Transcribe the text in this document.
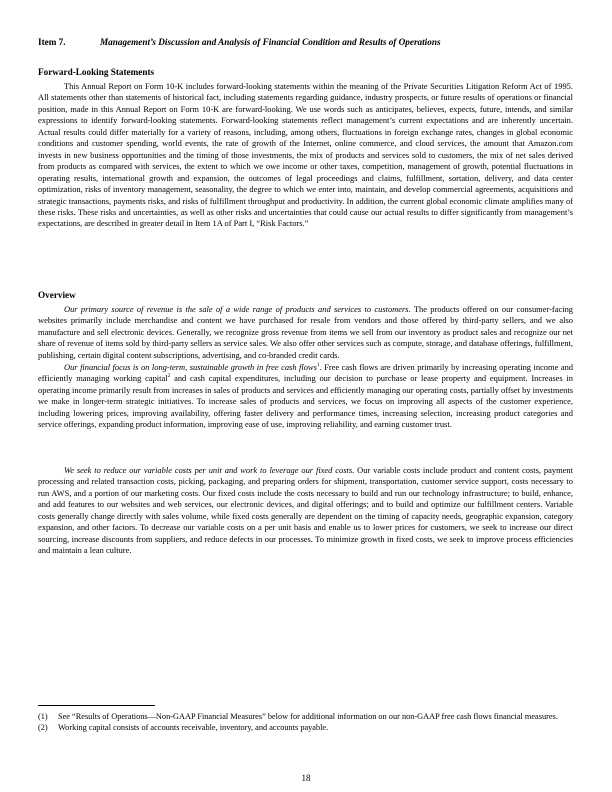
Item 7.	Management’s Discussion and Analysis of Financial Condition and Results of Operations
Forward-Looking Statements

This Annual Report on Form 10-K includes forward-looking statements within the meaning of the Private Securities Litigation Reform Act of 1995. All statements other than statements of historical fact, including statements regarding guidance, industry prospects, or future results of operations or financial position, made in this Annual Report on Form 10-K are forward-looking. We use words such as anticipates, believes, expects, future, intends, and similar expressions to identify forward-looking statements. Forward-looking statements reflect management’s current expectations and are inherently uncertain. Actual results could differ materially for a variety of reasons, including, among others, fluctuations in foreign exchange rates, changes in global economic conditions and customer spending, world events, the rate of growth of the Internet, online commerce, and cloud services, the amount that Amazon.com invests in new business opportunities and the timing of those investments, the mix of products and services sold to customers, the mix of net sales derived from products as compared with services, the extent to which we owe income or other taxes, competition, management of growth, potential fluctuations in operating results, international growth and expansion, the outcomes of legal proceedings and claims, fulfillment, sortation, delivery, and data center optimization, risks of inventory management, seasonality, the degree to which we enter into, maintain, and develop commercial agreements, acquisitions and strategic transactions, payments risks, and risks of fulfillment throughput and productivity. In addition, the current global economic climate amplifies many of these risks. These risks and uncertainties, as well as other risks and uncertainties that could cause our actual results to differ significantly from management’s expectations, are described in greater detail in Item 1A of Part I, “Risk Factors.”

Overview

Our primary source of revenue is the sale of a wide range of products and services to customers. The products offered on our consumer-facing websites primarily include merchandise and content we have purchased for resale from vendors and those offered by third-party sellers, and we also manufacture and sell electronic devices. Generally, we recognize gross revenue from items we sell from our inventory as product sales and recognize our net share of revenue of items sold by third-party sellers as service sales. We also offer other services such as compute, storage, and database offerings, fulfillment, publishing, certain digital content subscriptions, advertising, and co-branded credit cards.

Our financial focus is on long-term, sustainable growth in free cash flows$^1$. Free cash flows are driven primarily by increasing operating income and efficiently managing working capital$^2$ and cash capital expenditures, including our decision to purchase or lease property and equipment. Increases in operating income primarily result from increases in sales of products and services and efficiently managing our operating costs, partially offset by investments we make in longer-term strategic initiatives. To increase sales of products and services, we focus on improving all aspects of the customer experience, including lowering prices, improving availability, offering faster delivery and performance times, increasing selection, increasing product categories and service offerings, expanding product information, improving ease of use, improving reliability, and earning customer trust.

We seek to reduce our variable costs per unit and work to leverage our fixed costs. Our variable costs include product and content costs, payment processing and related transaction costs, picking, packaging, and preparing orders for shipment, transportation, customer service support, costs necessary to run AWS, and a portion of our marketing costs. Our fixed costs include the costs necessary to build and run our technology infrastructure; to build, enhance, and add features to our websites and web services, our electronic devices, and digital offerings; and to build and optimize our fulfillment centers. Variable costs generally change directly with sales volume, while fixed costs generally are dependent on the timing of capacity needs, geographic expansion, category expansion, and other factors. To decrease our variable costs on a per unit basis and enable us to lower prices for customers, we seek to increase our direct sourcing, increase discounts from suppliers, and reduce defects in our processes. To minimize growth in fixed costs, we seek to improve process efficiencies and maintain a lean culture.

(1) See “Results of Operations—Non-GAAP Financial Measures” below for additional information on our non-GAAP free cash flows financial measures.
(2) Working capital consists of accounts receivable, inventory, and accounts payable.
18
